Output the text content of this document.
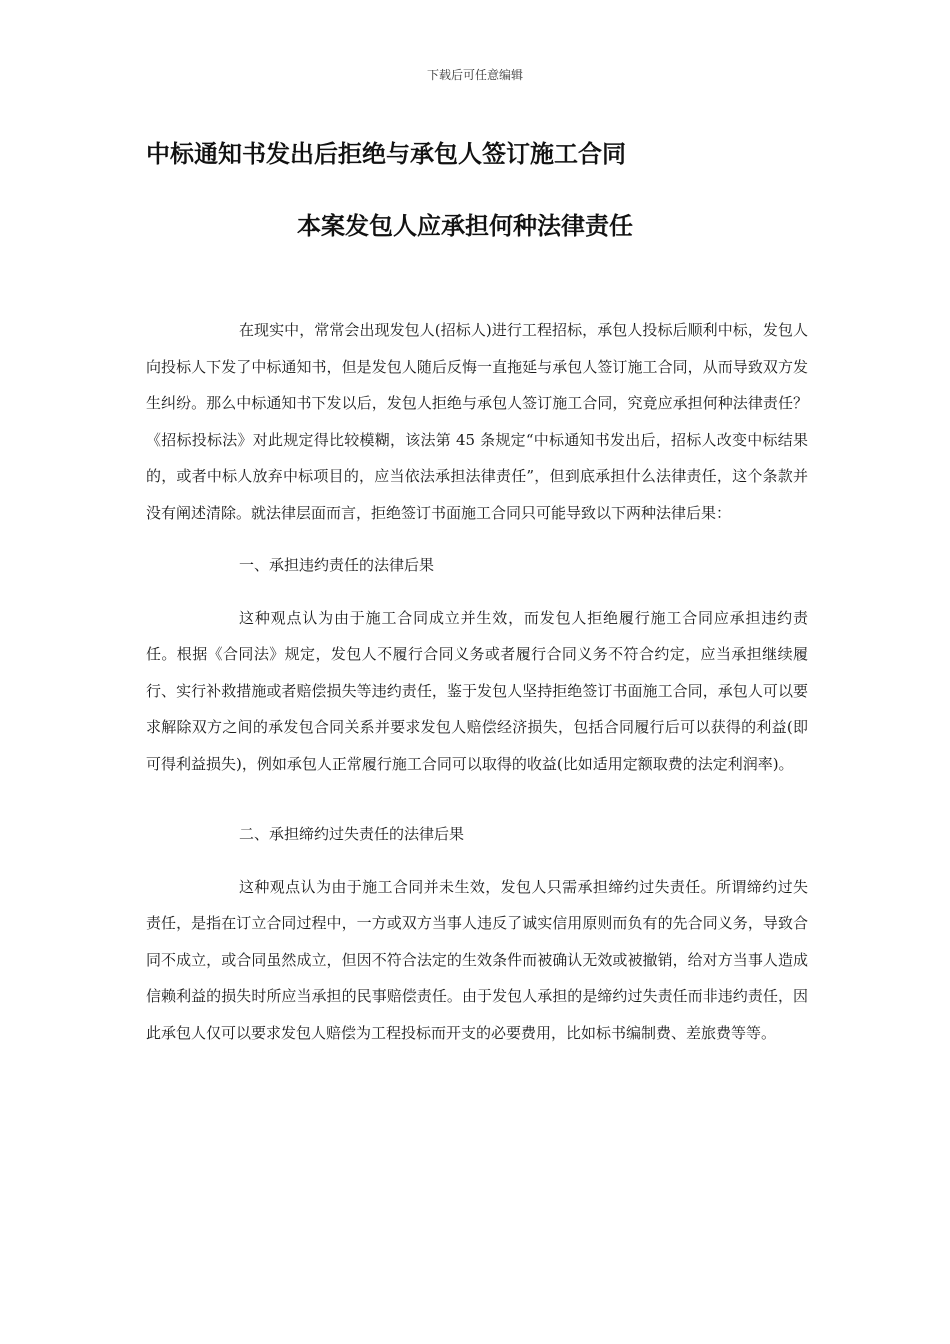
下载后可任意编辑
中标通知书发出后拒绝与承包人签订施工合同
本案发包人应承担何种法律责任

在现实中，常常会出现发包人(招标人)进行工程招标，承包人投标后顺利中标，发包人向投标人下发了中标通知书，但是发包人随后反悔一直拖延与承包人签订施工合同，从而导致双方发生纠纷。那么中标通知书下发以后，发包人拒绝与承包人签订施工合同，究竟应承担何种法律责任？《招标投标法》对此规定得比较模糊，该法第 45 条规定“中标通知书发出后，招标人改变中标结果的，或者中标人放弃中标项目的，应当依法承担法律责任”，但到底承担什么法律责任，这个条款并没有阐述清除。就法律层面而言，拒绝签订书面施工合同只可能导致以下两种法律后果：

一、承担违约责任的法律后果

这种观点认为由于施工合同成立并生效，而发包人拒绝履行施工合同应承担违约责任。根据《合同法》规定，发包人不履行合同义务或者履行合同义务不符合约定，应当承担继续履行、实行补救措施或者赔偿损失等违约责任，鉴于发包人坚持拒绝签订书面施工合同，承包人可以要求解除双方之间的承发包合同关系并要求发包人赔偿经济损失，包括合同履行后可以获得的利益(即可得利益损失)，例如承包人正常履行施工合同可以取得的收益(比如适用定额取费的法定利润率)。

二、承担缔约过失责任的法律后果

这种观点认为由于施工合同并未生效，发包人只需承担缔约过失责任。所谓缔约过失责任，是指在订立合同过程中，一方或双方当事人违反了诚实信用原则而负有的先合同义务，导致合同不成立，或合同虽然成立，但因不符合法定的生效条件而被确认无效或被撤销，给对方当事人造成信赖利益的损失时所应当承担的民事赔偿责任。由于发包人承担的是缔约过失责任而非违约责任，因此承包人仅可以要求发包人赔偿为工程投标而开支的必要费用，比如标书编制费、差旅费等等。
